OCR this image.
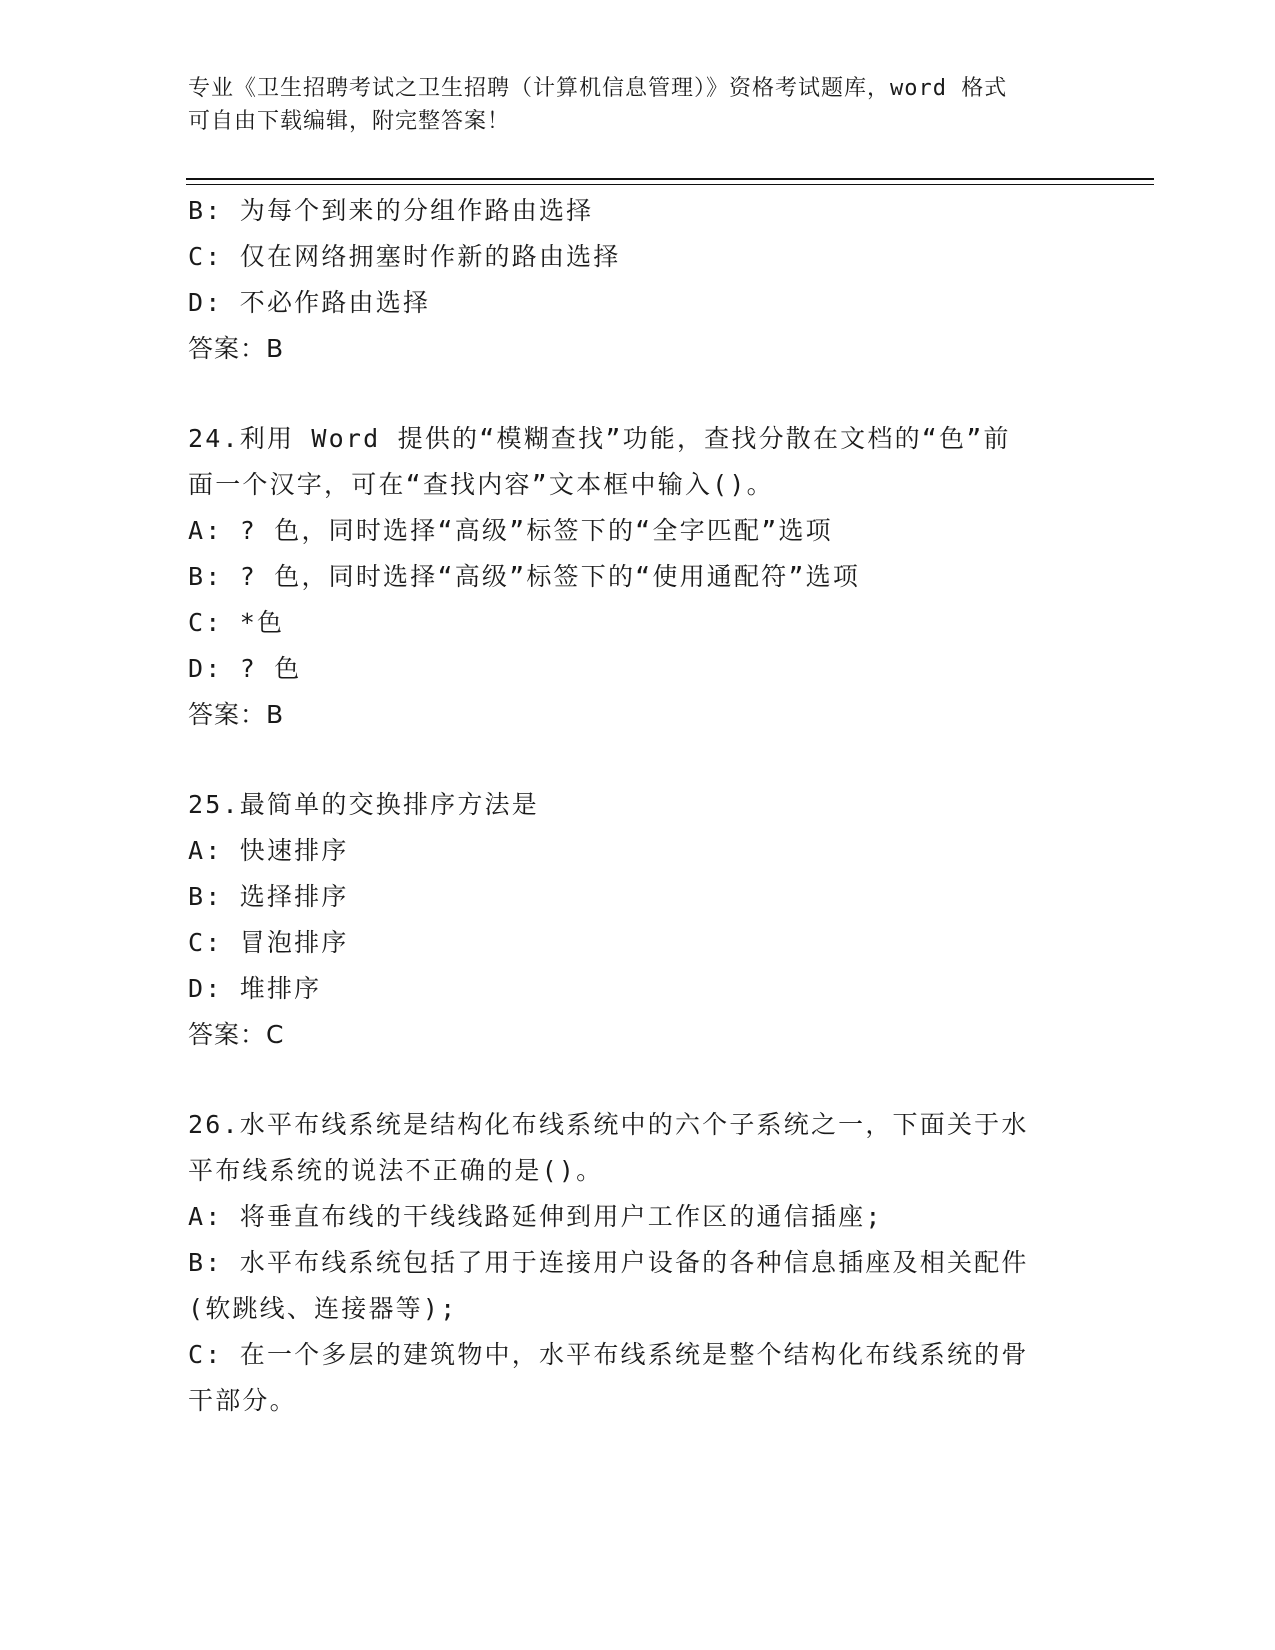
专业《卫生招聘考试之卫生招聘（计算机信息管理）》资格考试题库，word 格式
可自由下载编辑，附完整答案！
B: 为每个到来的分组作路由选择
C: 仅在网络拥塞时作新的路由选择
D: 不必作路由选择
答案：B
24.利用 Word 提供的“模糊查找”功能，查找分散在文档的“色”前
面一个汉字，可在“查找内容”文本框中输入()。
A: ? 色，同时选择“高级”标签下的“全字匹配”选项
B: ? 色，同时选择“高级”标签下的“使用通配符”选项
C: *色
D: ? 色
答案：B
25.最简单的交换排序方法是
A: 快速排序
B: 选择排序
C: 冒泡排序
D: 堆排序
答案：C
26.水平布线系统是结构化布线系统中的六个子系统之一，下面关于水
平布线系统的说法不正确的是()。
A: 将垂直布线的干线线路延伸到用户工作区的通信插座;
B: 水平布线系统包括了用于连接用户设备的各种信息插座及相关配件
(软跳线、连接器等);
C: 在一个多层的建筑物中，水平布线系统是整个结构化布线系统的骨
干部分。
